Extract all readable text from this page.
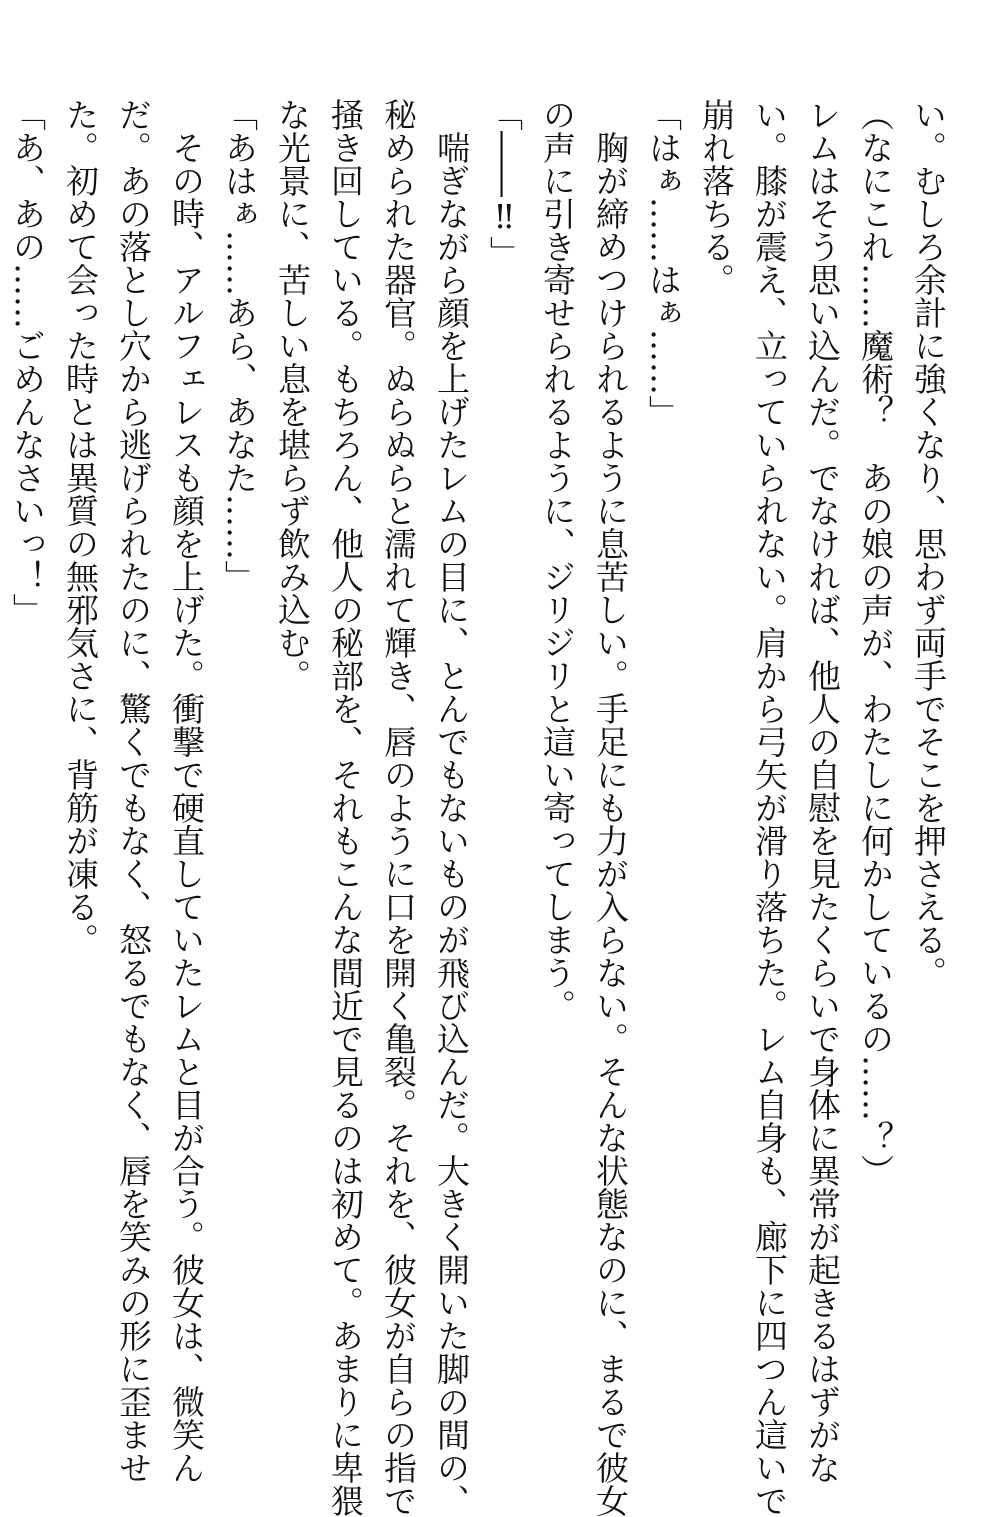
い。むしろ余計に強くなり、思わず両手でそこを押さえる。

（なにこれ……魔術？　あの娘の声が、わたしに何かしているの……？）

レムはそう思い込んだ。でなければ、他人の自慰を見たくらいで身体に異常が起きるはずがな

い。膝が震え、立っていられない。肩から弓矢が滑り落ちた。レム自身も、廊下に四つん這いで

崩れ落ちる。

「はぁ……はぁ……」

　胸が締めつけられるように息苦しい。手足にも力が入らない。そんな状態なのに、まるで彼女

の声に引き寄せられるように、ジリジリと這い寄ってしまう。

「――‼」

　喘ぎながら顔を上げたレムの目に、とんでもないものが飛び込んだ。大きく開いた脚の間の、

秘められた器官。ぬらぬらと濡れて輝き、唇のように口を開く亀裂。それを、彼女が自らの指で

掻き回している。もちろん、他人の秘部を、それもこんな間近で見るのは初めて。あまりに卑猥

な光景に、苦しい息を堪らず飲み込む。

「あはぁ……あら、あなた……」

　その時、アルフェレスも顔を上げた。衝撃で硬直していたレムと目が合う。彼女は、微笑ん

だ。あの落とし穴から逃げられたのに、驚くでもなく、怒るでもなく、唇を笑みの形に歪ませ

た。初めて会った時とは異質の無邪気さに、背筋が凍る。

「あ、あの……ごめんなさいっ！」
